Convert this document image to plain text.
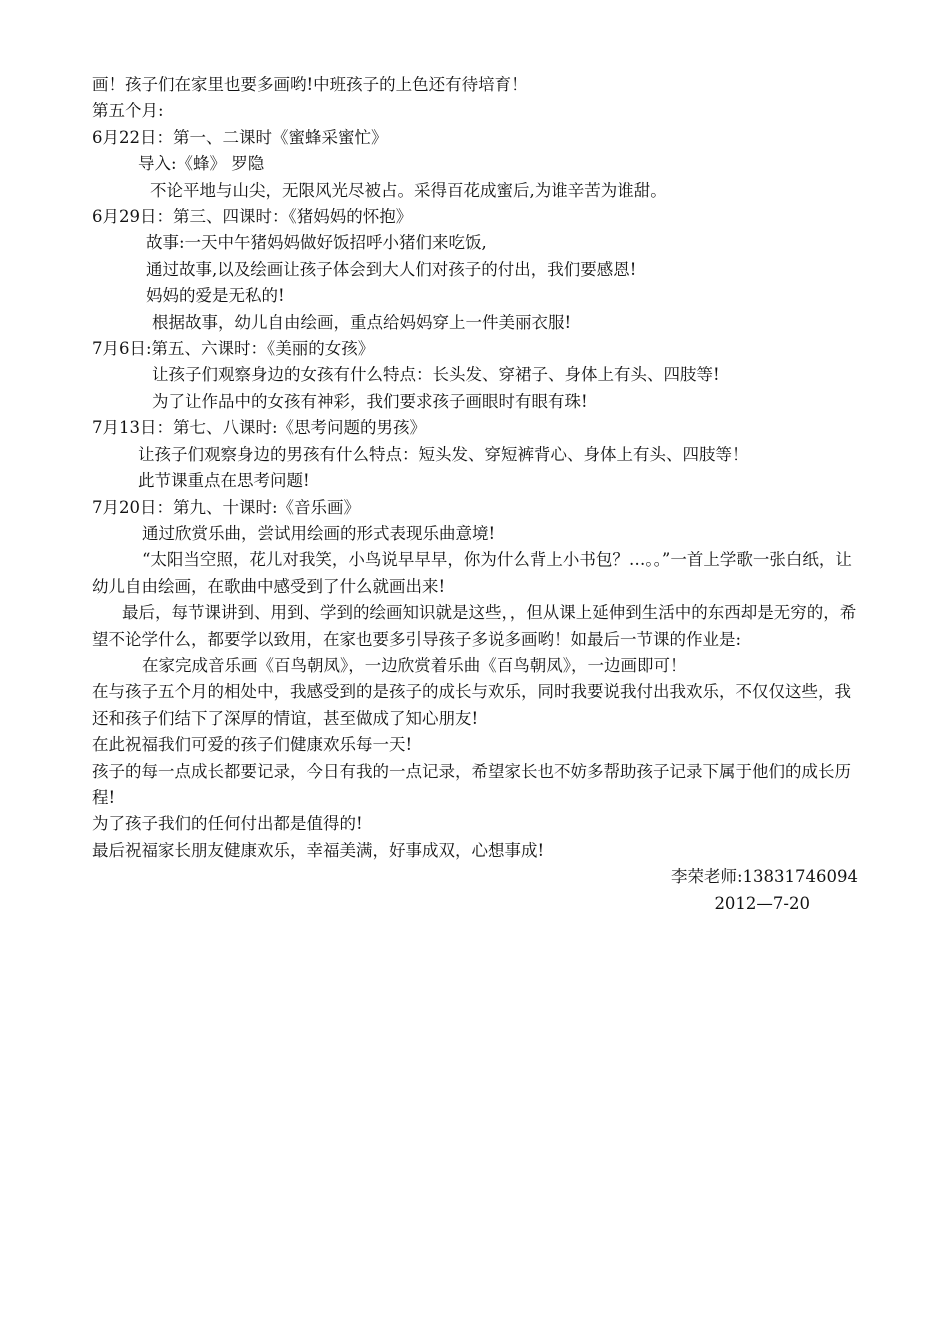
画！孩子们在家里也要多画哟!中班孩子的上色还有待培育！
第五个月:
6月22日：第一、二课时《蜜蜂采蜜忙》
导入:《蜂》 罗隐
不论平地与山尖，无限风光尽被占。采得百花成蜜后,为谁辛苦为谁甜。
6月29日：第三、四课时：《猪妈妈的怀抱》
故事:一天中午猪妈妈做好饭招呼小猪们来吃饭,
通过故事,以及绘画让孩子体会到大人们对孩子的付出，我们要感恩!
妈妈的爱是无私的!
根据故事，幼儿自由绘画，重点给妈妈穿上一件美丽衣服!
7月6日:第五、六课时：《美丽的女孩》
让孩子们观察身边的女孩有什么特点：长头发、穿裙子、身体上有头、四肢等!
为了让作品中的女孩有神彩，我们要求孩子画眼时有眼有珠!
7月13日：第七、八课时:《思考问题的男孩》
让孩子们观察身边的男孩有什么特点：短头发、穿短裤背心、身体上有头、四肢等！
此节课重点在思考问题!
7月20日：第九、十课时:《音乐画》
通过欣赏乐曲，尝试用绘画的形式表现乐曲意境!
“太阳当空照，花儿对我笑，小鸟说早早早，你为什么背上小书包？…。。”一首上学歌一张白纸，让幼儿自由绘画，在歌曲中感受到了什么就画出来!
最后，每节课讲到、用到、学到的绘画知识就是这些，，但从课上延伸到生活中的东西却是无穷的，希望不论学什么，都要学以致用，在家也要多引导孩子多说多画哟！如最后一节课的作业是:
在家完成音乐画《百鸟朝凤》，一边欣赏着乐曲《百鸟朝凤》，一边画即可！
在与孩子五个月的相处中，我感受到的是孩子的成长与欢乐，同时我要说我付出我欢乐，不仅仅这些，我还和孩子们结下了深厚的情谊，甚至做成了知心朋友!
在此祝福我们可爱的孩子们健康欢乐每一天!
孩子的每一点成长都要记录，今日有我的一点记录，希望家长也不妨多帮助孩子记录下属于他们的成长历程!
为了孩子我们的任何付出都是值得的!
最后祝福家长朋友健康欢乐，幸福美满，好事成双，心想事成!
李荣老师:13831746094
2012—7-20
